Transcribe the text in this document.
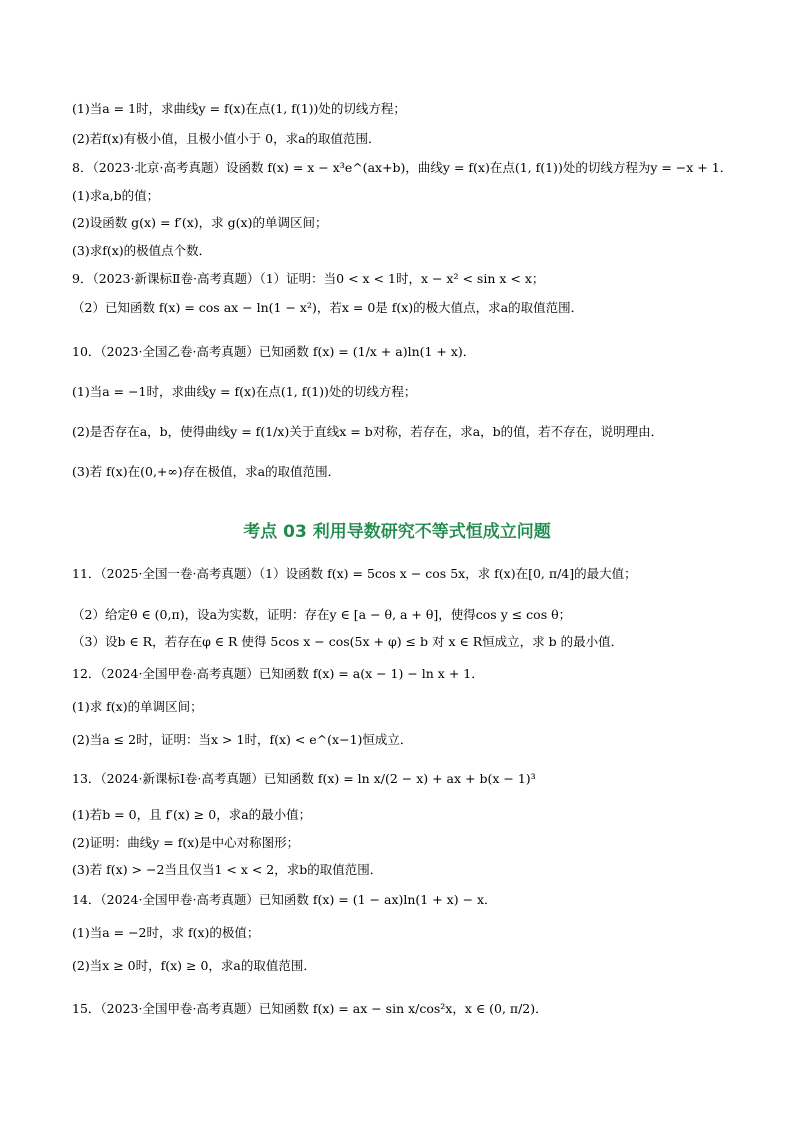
(1)当a = 1时，求曲线y = f(x)在点(1, f(1))处的切线方程；
(2)若f(x)有极小值，且极小值小于 0，求a的取值范围．
8．（2023·北京·高考真题）设函数 f(x) = x − x³e^(ax+b)，曲线y = f(x)在点(1, f(1))处的切线方程为y = −x + 1．
(1)求a,b的值；
(2)设函数 g(x) = f′(x)，求 g(x)的单调区间；
(3)求f(x)的极值点个数．
9．（2023·新课标Ⅱ卷·高考真题）（1）证明：当0 < x < 1时，x − x² < sin x < x；
（2）已知函数 f(x) = cos ax − ln(1 − x²)，若x = 0是 f(x)的极大值点，求a的取值范围．
10．（2023·全国乙卷·高考真题）已知函数 f(x) = (1/x + a)ln(1 + x)．
(1)当a = −1时，求曲线y = f(x)在点(1, f(1))处的切线方程；
(2)是否存在a，b，使得曲线y = f(1/x)关于直线x = b对称，若存在，求a，b的值，若不存在，说明理由．
(3)若 f(x)在(0,+∞)存在极值，求a的取值范围．
考点 03 利用导数研究不等式恒成立问题
11．（2025·全国一卷·高考真题）（1）设函数 f(x) = 5cos x − cos 5x，求 f(x)在[0, π/4]的最大值；
（2）给定θ ∈ (0,π)，设a为实数，证明：存在y ∈ [a − θ, a + θ]，使得cos y ≤ cos θ；
（3）设b ∈ R，若存在φ ∈ R 使得 5cos x − cos(5x + φ) ≤ b 对 x ∈ R恒成立，求 b 的最小值．
12．（2024·全国甲卷·高考真题）已知函数 f(x) = a(x − 1) − ln x + 1．
(1)求 f(x)的单调区间；
(2)当a ≤ 2时，证明：当x > 1时，f(x) < e^(x−1)恒成立．
13．（2024·新课标Ⅰ卷·高考真题）已知函数 f(x) = ln x/(2 − x) + ax + b(x − 1)³
(1)若b = 0，且 f′(x) ≥ 0，求a的最小值；
(2)证明：曲线y = f(x)是中心对称图形；
(3)若 f(x) > −2当且仅当1 < x < 2，求b的取值范围．
14．（2024·全国甲卷·高考真题）已知函数 f(x) = (1 − ax)ln(1 + x) − x．
(1)当a = −2时，求 f(x)的极值；
(2)当x ≥ 0时，f(x) ≥ 0，求a的取值范围．
15．（2023·全国甲卷·高考真题）已知函数 f(x) = ax − sin x/cos²x，x ∈ (0, π/2)．
